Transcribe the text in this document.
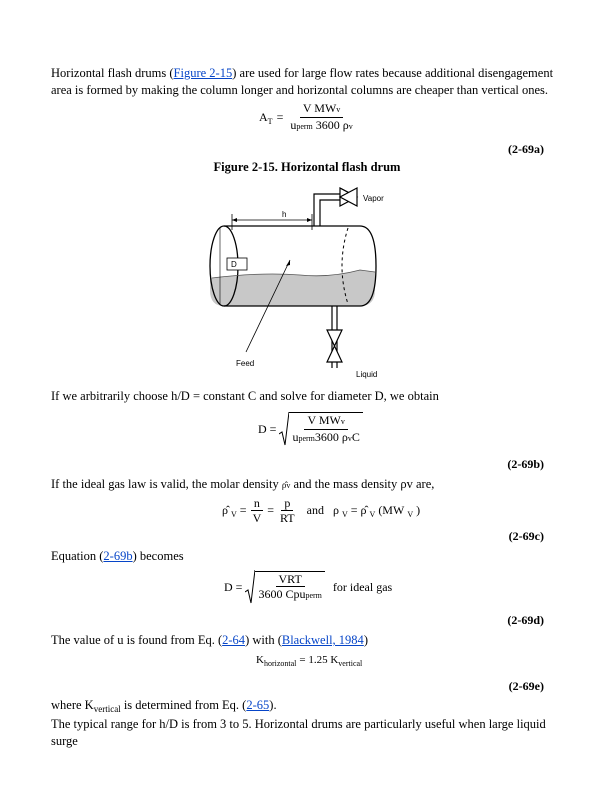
Horizontal flash drums (Figure 2-15) are used for large flow rates because additional disengagement area is formed by making the column longer and horizontal columns are cheaper than vertical ones.
A $T = \frac{\text{V MWv}}{\text{uperm 3600 ρv}}$
(2-69a)
Figure 2-15. Horizontal flash drum
Vapor
h
D
Feed
Liquid
If we arbitrarily choose h/D = constant C and solve for diameter D, we obtain
$D = \frac{\text{V MWv}}{\text{uperm3600 ρvC}}$
(2-69b)
If the ideal gas law is valid, the molar density ρ̂v and the mass density ρv are,
ρ̂ $V = \frac{n}{V} = \frac{p}{RT}$ and ρ V = ρ̂ V (MW V )
(2-69c)
Equation (2-69b) becomes
$D = \frac{\text{VRT}}{\text{3600 Cpuperm}}$ for ideal gas
(2-69d)
The value of u is found from Eq. (2-64) with (Blackwell, 1984)
K horizontal = 1.25 K vertical
(2-69e)
where $K_{vertical}$ is determined from Eq. (2-65).
The typical range for h/D is from 3 to 5. Horizontal drums are particularly useful when large liquid surge
